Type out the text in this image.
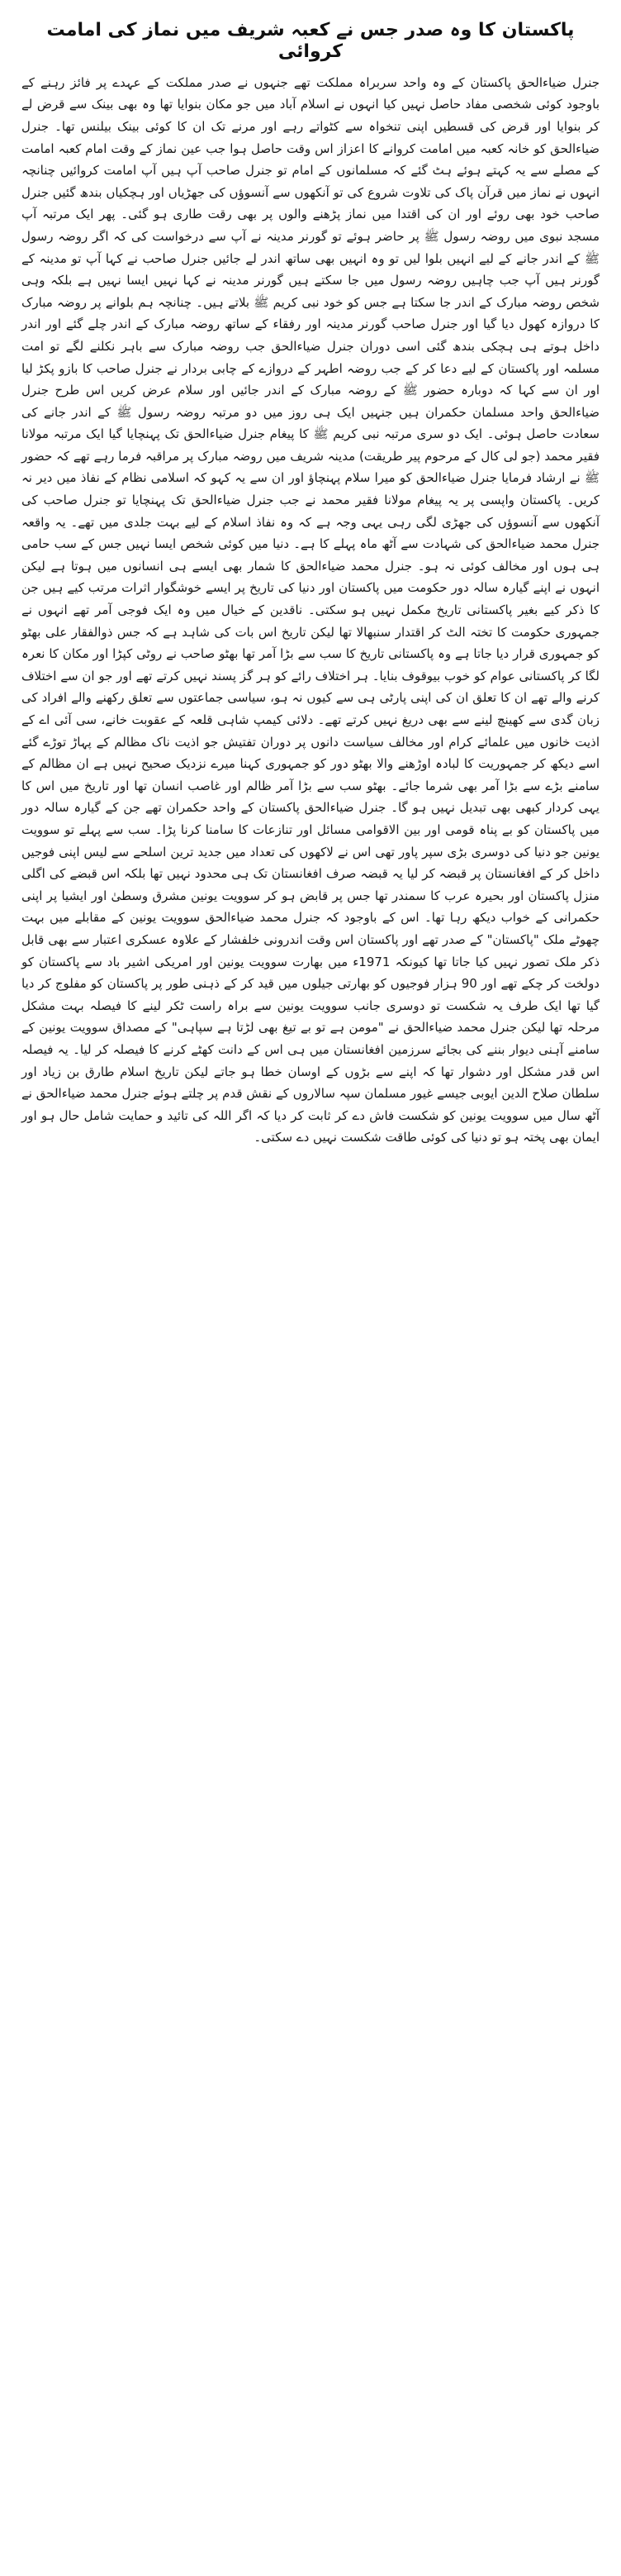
پاکستان کا وہ صدر جس نے کعبہ شریف میں نماز کی امامت کروائی

جنرل ضیاءالحق پاکستان کے وہ واحد سربراہ مملکت تھے جنہوں نے صدر مملکت کے عہدے پر فائز رہنے کے باوجود کوئی شخصی مفاد حاصل نہیں کیا انہوں نے اسلام آباد میں جو مکان بنوایا تھا وہ بھی بینک سے قرض لے کر بنوایا اور قرض کی قسطیں اپنی تنخواہ سے کٹواتے رہے اور مرنے تک ان کا کوئی بینک بیلنس تھا۔ جنرل ضیاءالحق کو خانہ کعبہ میں امامت کروانے کا اعزاز اس وقت حاصل ہوا جب عین نماز کے وقت امام کعبہ امامت کے مصلے سے یہ کہتے ہوئے ہٹ گئے کہ مسلمانوں کے امام تو جنرل صاحب آپ ہیں آپ امامت کروائیں چنانچہ انہوں نے نماز میں قرآن پاک کی تلاوت شروع کی تو آنکھوں سے آنسوؤں کی جھڑیاں اور ہچکیاں بندھ گئیں جنرل صاحب خود بھی روئے اور ان کی اقتدا میں نماز پڑھنے والوں پر بھی رقت طاری ہو گئی۔ پھر ایک مرتبہ آپ مسجد نبوی میں روضہ رسول ﷺ پر حاضر ہوئے تو گورنر مدینہ نے آپ سے درخواست کی کہ اگر روضہ رسول ﷺ کے اندر جانے کے لیے انہیں بلوا لیں تو وہ انہیں بھی ساتھ اندر لے جائیں جنرل صاحب نے کہا آپ تو مدینہ کے گورنر ہیں آپ جب چاہیں روضہ رسول میں جا سکتے ہیں گورنر مدینہ نے کہا نہیں ایسا نہیں ہے بلکہ وہی شخص روضہ مبارک کے اندر جا سکتا ہے جس کو خود نبی کریم ﷺ بلاتے ہیں۔ چنانچہ ہم بلوانے پر روضہ مبارک کا دروازہ کھول دیا گیا اور جنرل صاحب گورنر مدینہ اور رفقاء کے ساتھ روضہ مبارک کے اندر چلے گئے اور اندر داخل ہوتے ہی ہچکی بندھ گئی اسی دوران جنرل ضیاءالحق جب روضہ مبارک سے باہر نکلنے لگے تو امت مسلمہ اور پاکستان کے لیے دعا کر کے جب روضہ اطہر کے دروازے کے چابی بردار نے جنرل صاحب کا بازو پکڑ لیا اور ان سے کہا کہ دوبارہ حضور ﷺ کے روضہ مبارک کے اندر جائیں اور سلام عرض کریں اس طرح جنرل ضیاءالحق واحد مسلمان حکمران ہیں جنہیں ایک ہی روز میں دو مرتبہ روضہ رسول ﷺ کے اندر جانے کی سعادت حاصل ہوئی۔ ایک دو سری مرتبہ نبی کریم ﷺ کا پیغام جنرل ضیاءالحق تک پہنچایا گیا ایک مرتبہ مولانا فقیر محمد (جو لی کال کے مرحوم پیر طریقت) مدینہ شریف میں روضہ مبارک پر مراقبہ فرما رہے تھے کہ حضور ﷺ نے ارشاد فرمایا جنرل ضیاءالحق کو میرا سلام پہنچاؤ اور ان سے یہ کہو کہ اسلامی نظام کے نفاذ میں دیر نہ کریں۔ پاکستان واپسی پر یہ پیغام مولانا فقیر محمد نے جب جنرل ضیاءالحق تک پہنچایا تو جنرل صاحب کی آنکھوں سے آنسوؤں کی جھڑی لگی رہی یہی وجہ ہے کہ وہ نفاذ اسلام کے لیے بہت جلدی میں تھے۔ یہ واقعہ جنرل محمد ضیاءالحق کی شہادت سے آٹھ ماہ پہلے کا ہے۔ دنیا میں کوئی شخص ایسا نہیں جس کے سب حامی ہی ہوں اور مخالف کوئی نہ ہو۔ جنرل محمد ضیاءالحق کا شمار بھی ایسے ہی انسانوں میں ہوتا ہے لیکن انہوں نے اپنے گیارہ سالہ دور حکومت میں پاکستان اور دنیا کی تاریخ پر ایسے خوشگوار اثرات مرتب کیے ہیں جن کا ذکر کیے بغیر پاکستانی تاریخ مکمل نہیں ہو سکتی۔ ناقدین کے خیال میں وہ ایک فوجی آمر تھے انہوں نے جمہوری حکومت کا تختہ الٹ کر اقتدار سنبھالا تھا لیکن تاریخ اس بات کی شاہد ہے کہ جس ذوالفقار علی بھٹو کو جمہوری قرار دیا جاتا ہے وہ پاکستانی تاریخ کا سب سے بڑا آمر تھا بھٹو صاحب نے روٹی کپڑا اور مکان کا نعرہ لگا کر پاکستانی عوام کو خوب بیوقوف بنایا۔ ہر اختلاف رائے کو ہر گز پسند نہیں کرتے تھے اور جو ان سے اختلاف کرنے والے تھے ان کا تعلق ان کی اپنی پارٹی ہی سے کیوں نہ ہو، سیاسی جماعتوں سے تعلق رکھنے والے افراد کی زبان گدی سے کھینچ لینے سے بھی دریغ نہیں کرتے تھے۔ دلائی کیمپ شاہی قلعہ کے عقوبت خانے، سی آئی اے کے اذیت خانوں میں علمائے کرام اور مخالف سیاست دانوں پر دوران تفتیش جو اذیت ناک مظالم کے پہاڑ توڑے گئے اسے دیکھ کر جمہوریت کا لبادہ اوڑھنے والا بھٹو دور کو جمہوری کہنا میرے نزدیک صحیح نہیں ہے ان مظالم کے سامنے بڑے سے بڑا آمر بھی شرما جائے۔ بھٹو سب سے بڑا آمر ظالم اور غاصب انسان تھا اور تاریخ میں اس کا یہی کردار کبھی بھی تبدیل نہیں ہو گا۔ جنرل ضیاءالحق پاکستان کے واحد حکمران تھے جن کے گیارہ سالہ دور میں پاکستان کو بے پناہ قومی اور بین الاقوامی مسائل اور تنازعات کا سامنا کرنا پڑا۔ سب سے پہلے تو سوویت یونین جو دنیا کی دوسری بڑی سپر پاور تھی اس نے لاکھوں کی تعداد میں جدید ترین اسلحے سے لیس اپنی فوجیں داخل کر کے افغانستان پر قبضہ کر لیا یہ قبضہ صرف افغانستان تک ہی محدود نہیں تھا بلکہ اس قبضے کی اگلی منزل پاکستان اور بحیرہ عرب کا سمندر تھا جس پر قابض ہو کر سوویت یونین مشرق وسطیٰ اور ایشیا پر اپنی حکمرانی کے خواب دیکھ رہا تھا۔ اس کے باوجود کہ جنرل محمد ضیاءالحق سوویت یونین کے مقابلے میں بہت چھوٹے ملک "پاکستان" کے صدر تھے اور پاکستان اس وقت اندرونی خلفشار کے علاوہ عسکری اعتبار سے بھی قابل ذکر ملک تصور نہیں کیا جاتا تھا کیونکہ 1971ء میں بھارت سوویت یونین اور امریکی اشیر باد سے پاکستان کو دولخت کر چکے تھے اور 90 ہزار فوجیوں کو بھارتی جیلوں میں قید کر کے ذہنی طور پر پاکستان کو مفلوج کر دیا گیا تھا ایک طرف یہ شکست تو دوسری جانب سوویت یونین سے براہ راست ٹکر لینے کا فیصلہ بہت مشکل مرحلہ تھا لیکن جنرل محمد ضیاءالحق نے "مومن ہے تو بے تیغ بھی لڑتا ہے سپاہی" کے مصداق سوویت یونین کے سامنے آہنی دیوار بننے کی بجائے سرزمین افغانستان میں ہی اس کے دانت کھٹے کرنے کا فیصلہ کر لیا۔ یہ فیصلہ اس قدر مشکل اور دشوار تھا کہ اپنے سے بڑوں کے اوسان خطا ہو جاتے لیکن تاریخ اسلام طارق بن زیاد اور سلطان صلاح الدین ایوبی جیسے غیور مسلمان سپہ سالاروں کے نقش قدم پر چلتے ہوئے جنرل محمد ضیاءالحق نے آٹھ سال میں سوویت یونین کو شکست فاش دے کر ثابت کر دیا کہ اگر اللہ کی تائید و حمایت شامل حال ہو اور ایمان بھی پختہ ہو تو دنیا کی کوئی طاقت شکست نہیں دے سکتی۔
